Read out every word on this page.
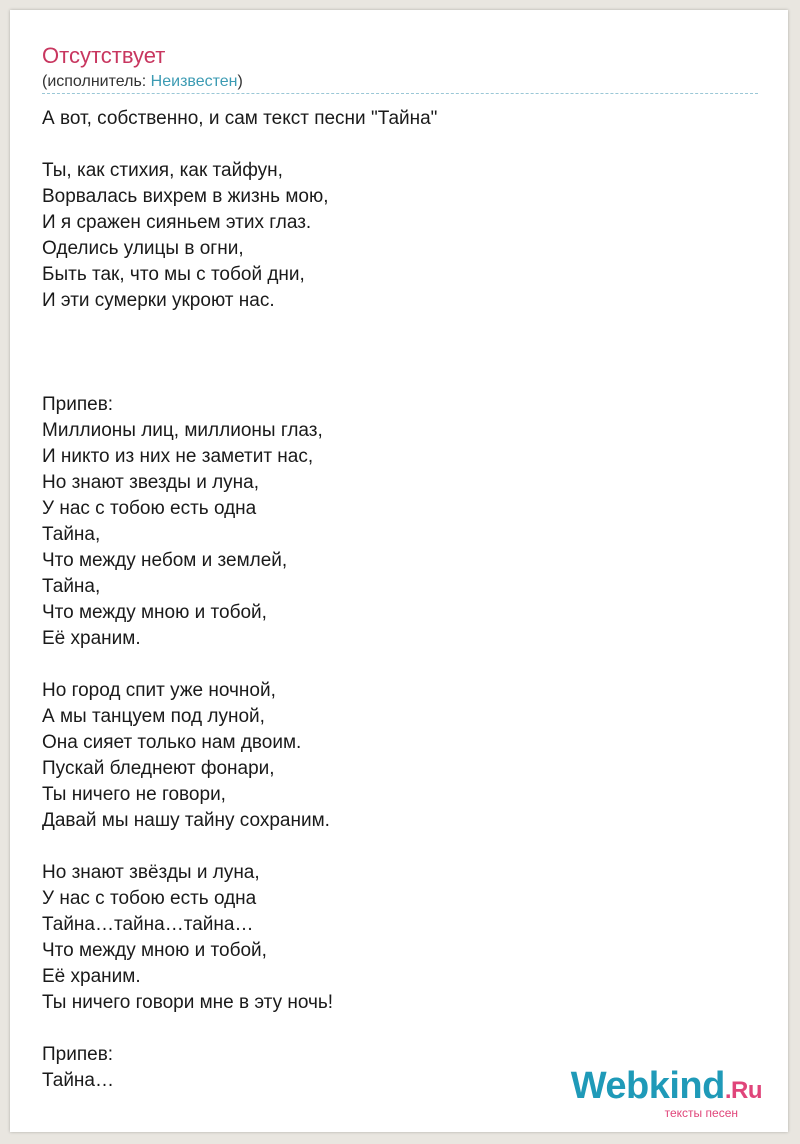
Отсутствует
(исполнитель: Неизвестен)
А вот, собственно, и сам текст песни "Тайна"

Ты, как стихия, как тайфун,
Ворвалась вихрем в жизнь мою,
И я сражен сияньем этих глаз.
Оделись улицы в огни,
Быть так, что мы с тобой дни,
И эти сумерки укроют нас.

Припев:
Миллионы лиц, миллионы глаз,
И никто из них не заметит нас,
Но знают звезды и луна,
У нас с тобою есть одна
Тайна,
Что между небом и землей,
Тайна,
Что между мною и тобой,
Её храним.

Но город спит уже ночной,
А мы танцуем под луной,
Она сияет только нам двоим.
Пускай бледнеют фонари,
Ты ничего не говори,
Давай мы нашу тайну сохраним.

Но знают звёзды и луна,
У нас с тобою есть одна
Тайна…тайна…тайна…
Что между мною и тобой,
Её храним.
Ты ничего говори мне в эту ночь!

Припев:
Тайна…	Webkind.Ru
тексты песен
